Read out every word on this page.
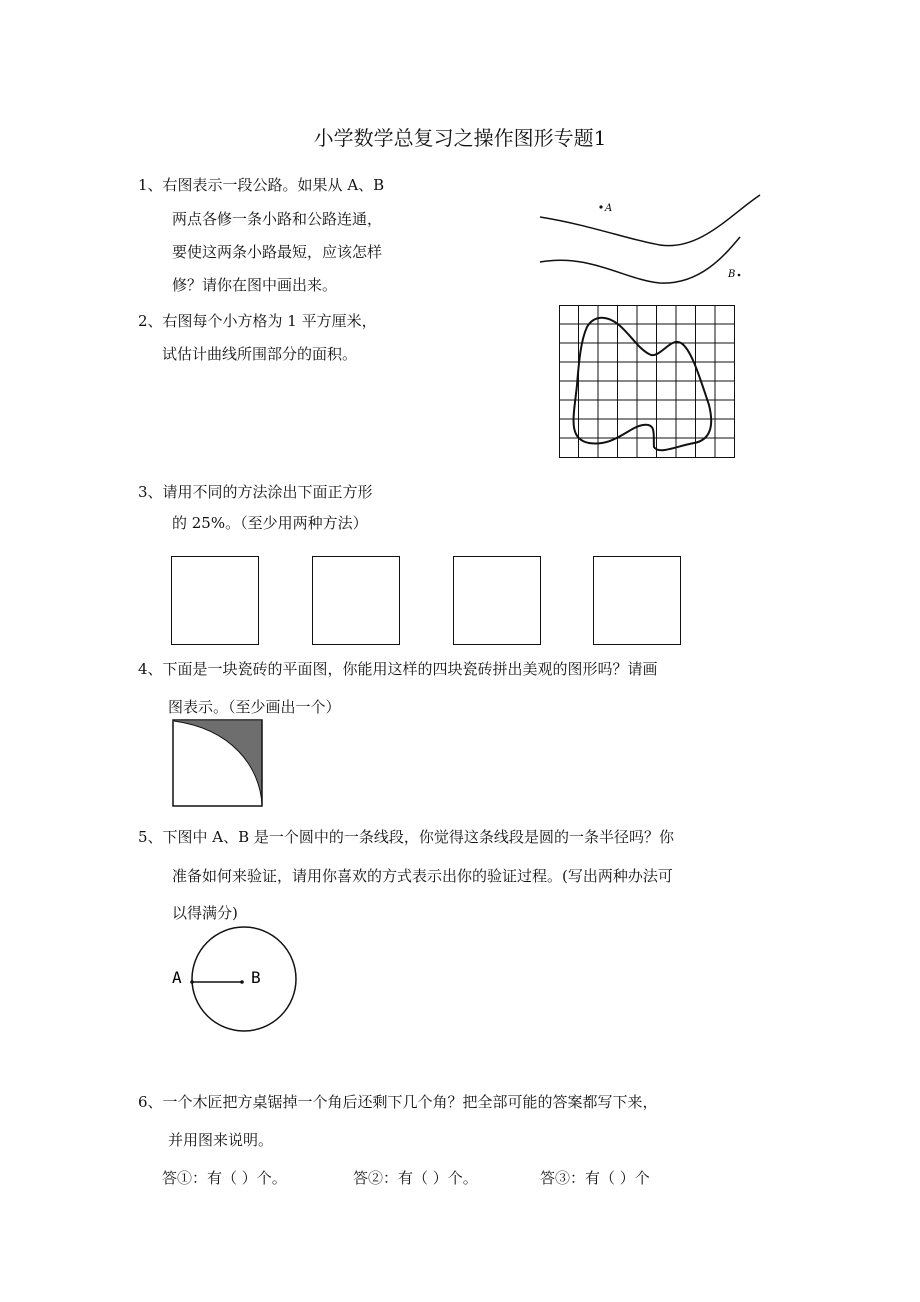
小学数学总复习之操作图形专题1
1、右图表示一段公路。如果从 A、B
两点各修一条小路和公路连通，
要使这两条小路最短，应该怎样
修？请你在图中画出来。
A
B
2、右图每个小方格为 1 平方厘米，
试估计曲线所围部分的面积。
3、请用不同的方法涂出下面正方形
的 25%。（至少用两种方法）
4、下面是一块瓷砖的平面图，你能用这样的四块瓷砖拼出美观的图形吗？请画
图表示。（至少画出一个）
5、下图中 A、B 是一个圆中的一条线段，你觉得这条线段是圆的一条半径吗？你
准备如何来验证，请用你喜欢的方式表示出你的验证过程。(写出两种办法可
以得满分)
A	B
6、一个木匠把方桌锯掉一个角后还剩下几个角？把全部可能的答案都写下来，
并用图来说明。
答①：有（ ）个。	答②：有（ ）个。	答③：有（ ）个
